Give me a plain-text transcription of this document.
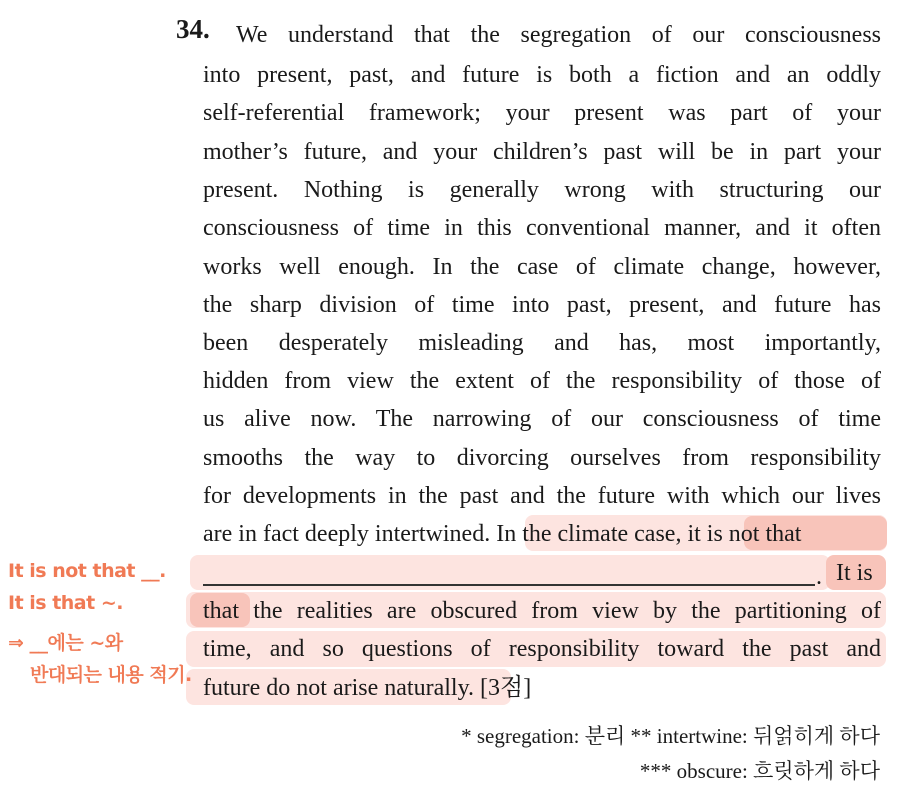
34. We understand that the segregation of our consciousness
into present, past, and future is both a fiction and an oddly
self-referential framework; your present was part of your
mother’s future, and your children’s past will be in part your
present. Nothing is generally wrong with structuring our
consciousness of time in this conventional manner, and it often
works well enough. In the case of climate change, however,
the sharp division of time into past, present, and future has
been desperately misleading and has, most importantly,
hidden from view the extent of the responsibility of those of
us alive now. The narrowing of our consciousness of time
smooths the way to divorcing ourselves from responsibility
for developments in the past and the future with which our lives
are in fact deeply intertwined. In the climate case, it is not that
. It is
that the realities are obscured from view by the partitioning of
time, and so questions of responsibility toward the past and
future do not arise naturally. [3점]
It is not that __.
It is that ~.
⇒ __에는 ~와
반대되는 내용 적기.
* segregation: 분리 ** intertwine: 뒤얽히게 하다
*** obscure: 흐릿하게 하다
